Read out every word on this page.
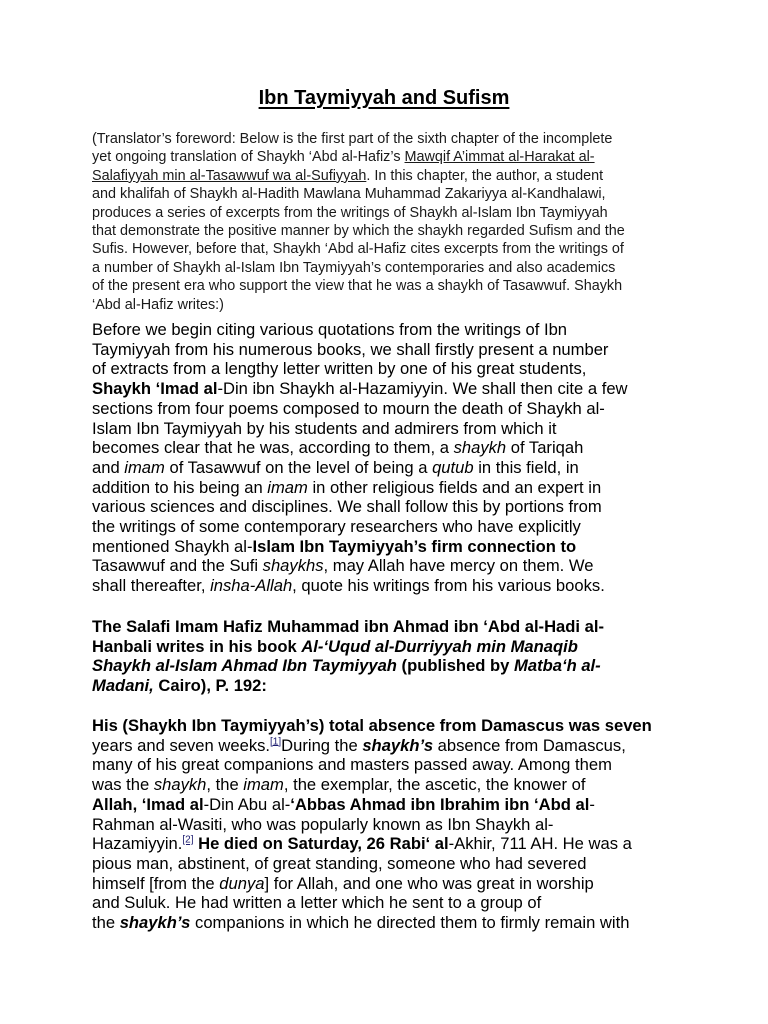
Ibn Taymiyyah and Sufism
(Translator’s foreword: Below is the first part of the sixth chapter of the incomplete
yet ongoing translation of Shaykh ‘Abd al-Hafiz’s Mawqif A’immat al-Harakat al-
Salafiyyah min al-Tasawwuf wa al-Sufiyyah. In this chapter, the author, a student
and khalifah of Shaykh al-Hadith Mawlana Muhammad Zakariyya al-Kandhalawi,
produces a series of excerpts from the writings of Shaykh al-Islam Ibn Taymiyyah
that demonstrate the positive manner by which the shaykh regarded Sufism and the
Sufis. However, before that, Shaykh ‘Abd al-Hafiz cites excerpts from the writings of
a number of Shaykh al-Islam Ibn Taymiyyah’s contemporaries and also academics
of the present era who support the view that he was a shaykh of Tasawwuf. Shaykh
‘Abd al-Hafiz writes:)
Before we begin citing various quotations from the writings of Ibn
Taymiyyah from his numerous books, we shall firstly present a number
of extracts from a lengthy letter written by one of his great students,
Shaykh ‘Imad al-Din ibn Shaykh al-Hazamiyyin. We shall then cite a few
sections from four poems composed to mourn the death of Shaykh al-
Islam Ibn Taymiyyah by his students and admirers from which it
becomes clear that he was, according to them, a shaykh of Tariqah
and imam of Tasawwuf on the level of being a qutub in this field, in
addition to his being an imam in other religious fields and an expert in
various sciences and disciplines. We shall follow this by portions from
the writings of some contemporary researchers who have explicitly
mentioned Shaykh al-Islam Ibn Taymiyyah’s firm connection to
Tasawwuf and the Sufi shaykhs, may Allah have mercy on them. We
shall thereafter, insha-Allah, quote his writings from his various books.
The Salafi Imam Hafiz Muhammad ibn Ahmad ibn ‘Abd al-Hadi al-
Hanbali writes in his book Al-‘Uqud al-Durriyyah min Manaqib
Shaykh al-Islam Ahmad Ibn Taymiyyah (published by Matba‘h al-
Madani, Cairo), P. 192:
His (Shaykh Ibn Taymiyyah’s) total absence from Damascus was seven
years and seven weeks.[1]During the shaykh’s absence from Damascus,
many of his great companions and masters passed away. Among them
was the shaykh, the imam, the exemplar, the ascetic, the knower of
Allah, ‘Imad al-Din Abu al-‘Abbas Ahmad ibn Ibrahim ibn ‘Abd al-
Rahman al-Wasiti, who was popularly known as Ibn Shaykh al-
Hazamiyyin.[2] He died on Saturday, 26 Rabi‘ al-Akhir, 711 AH. He was a
pious man, abstinent, of great standing, someone who had severed
himself [from the dunya] for Allah, and one who was great in worship
and Suluk. He had written a letter which he sent to a group of
the shaykh’s companions in which he directed them to firmly remain with
